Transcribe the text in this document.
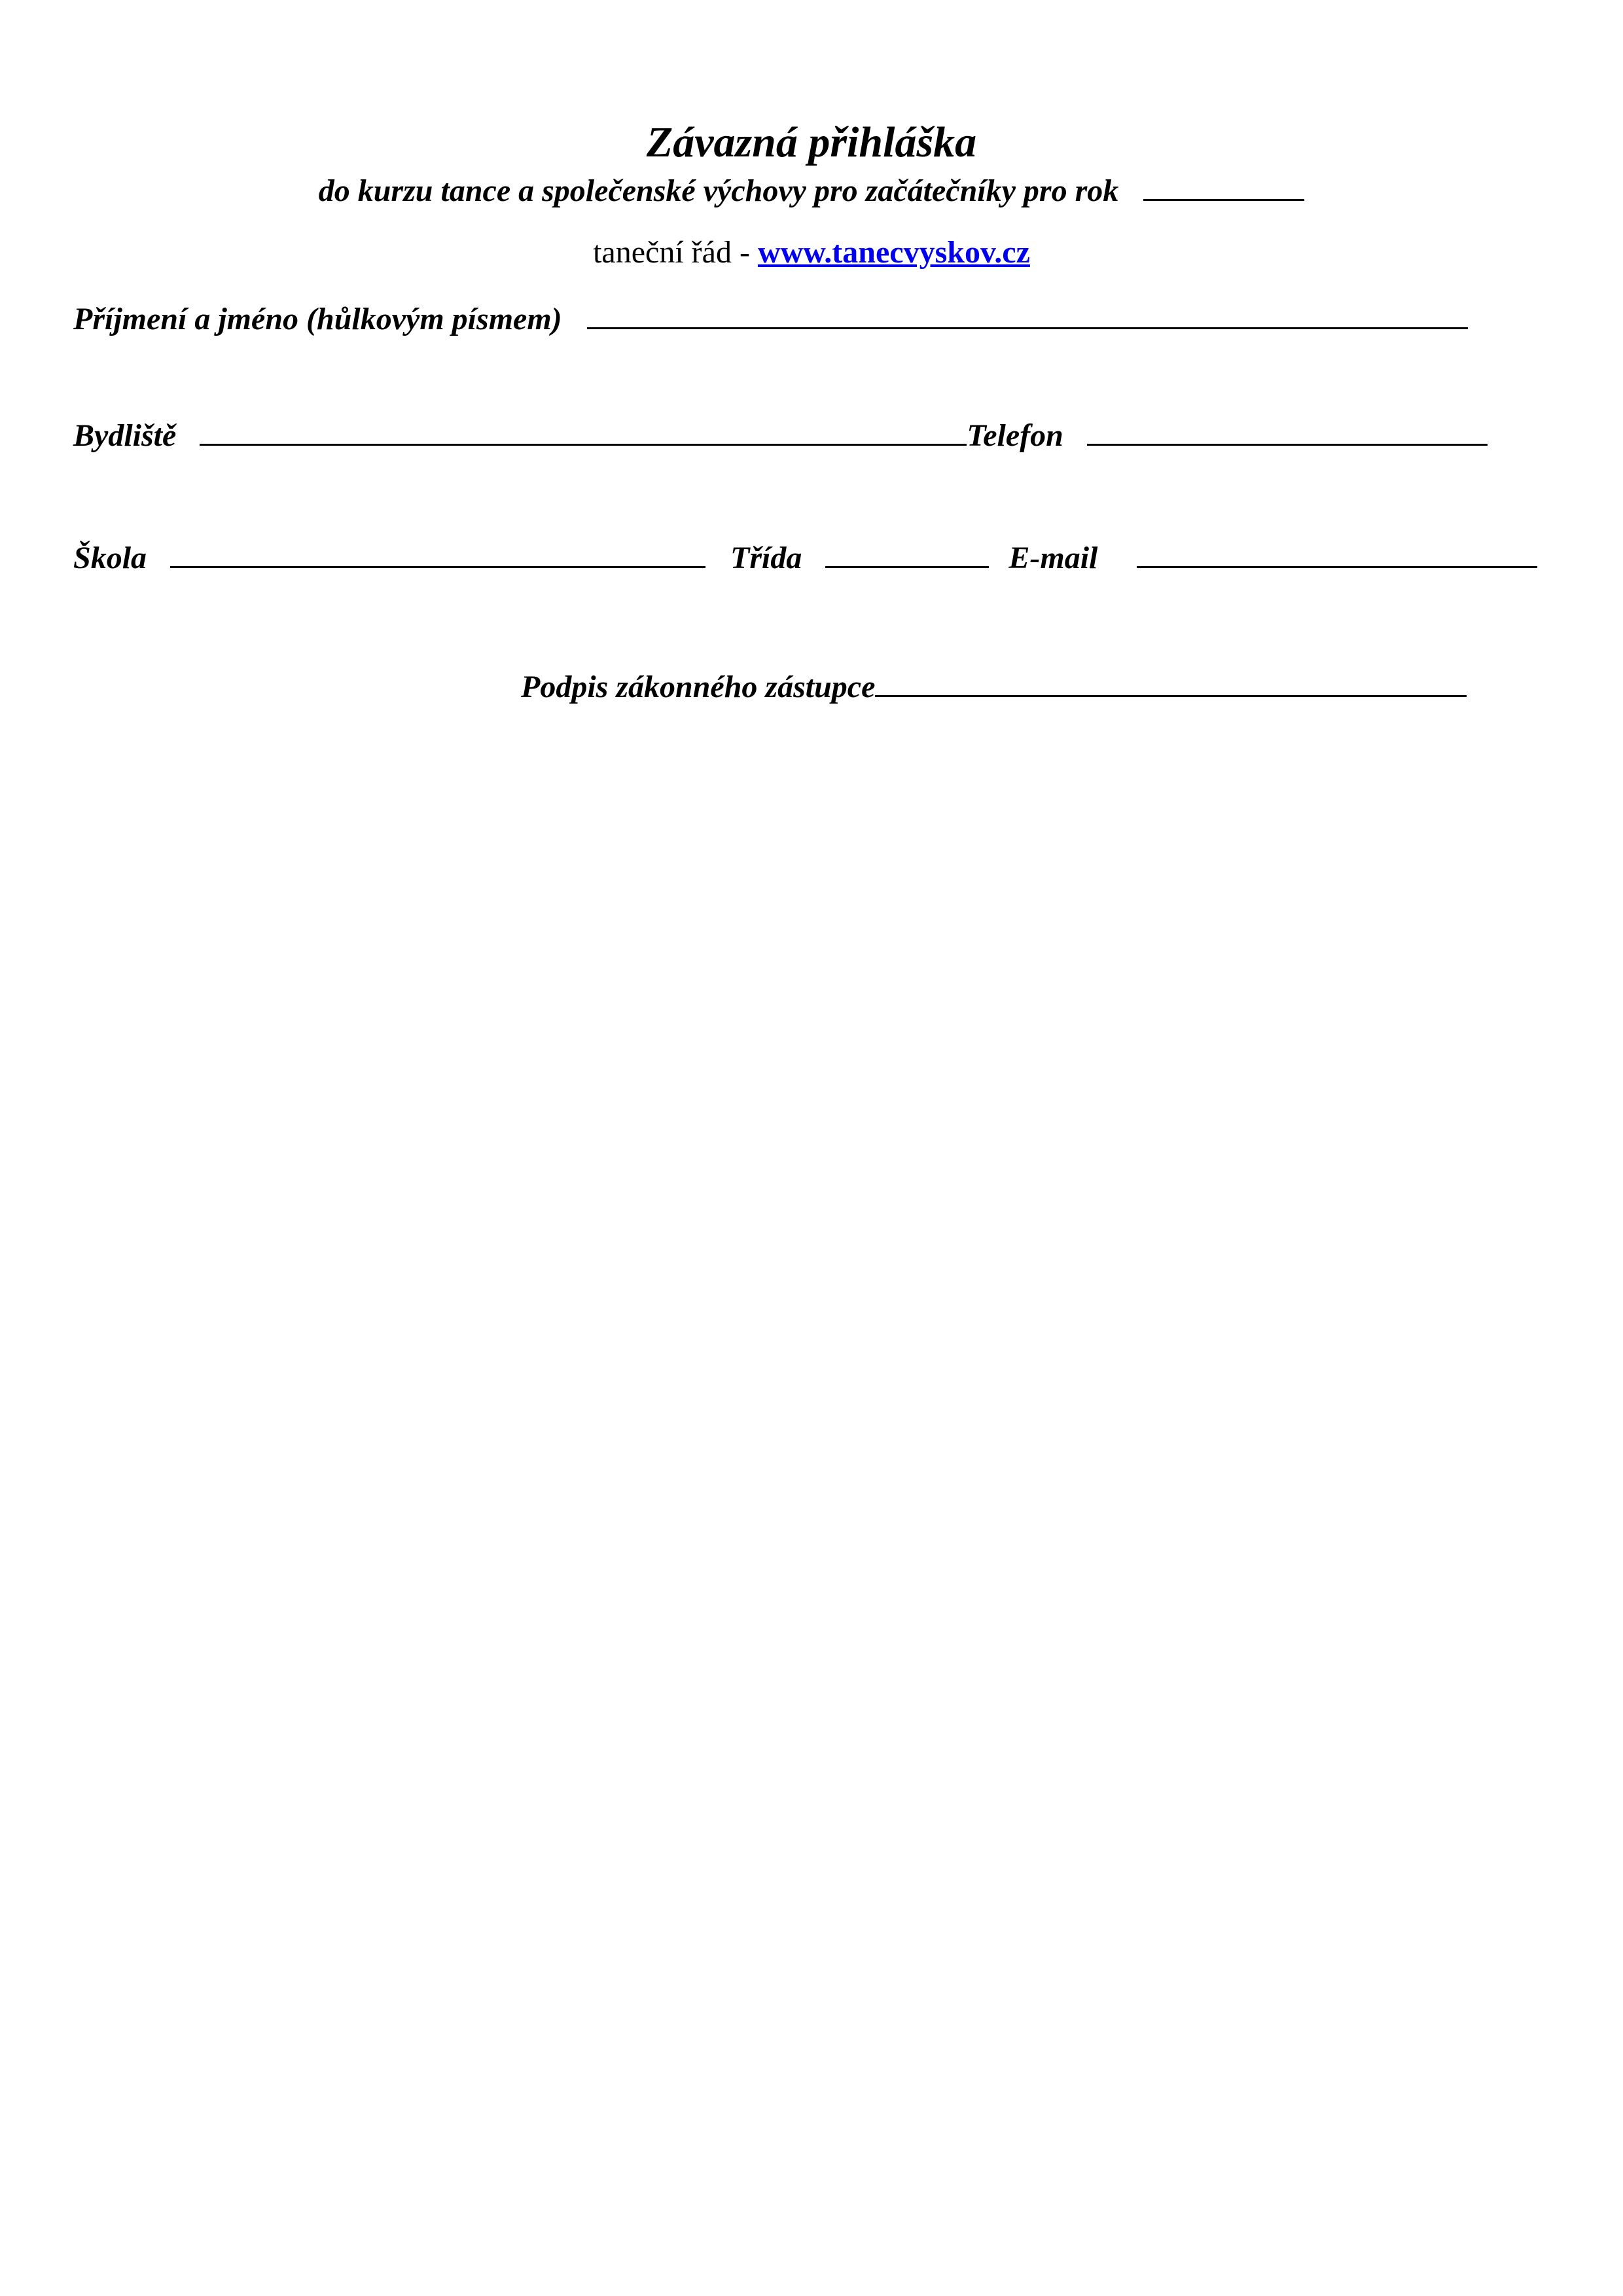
Závazná přihláška
do kurzu tance a společenské výchovy pro začátečníky pro rok
taneční řád - www.tanecvyskov.cz
Příjmení a jméno (hůlkovým písmem)
Bydliště	Telefon
Škola	Třída	E-mail
Podpis zákonného zástupce
